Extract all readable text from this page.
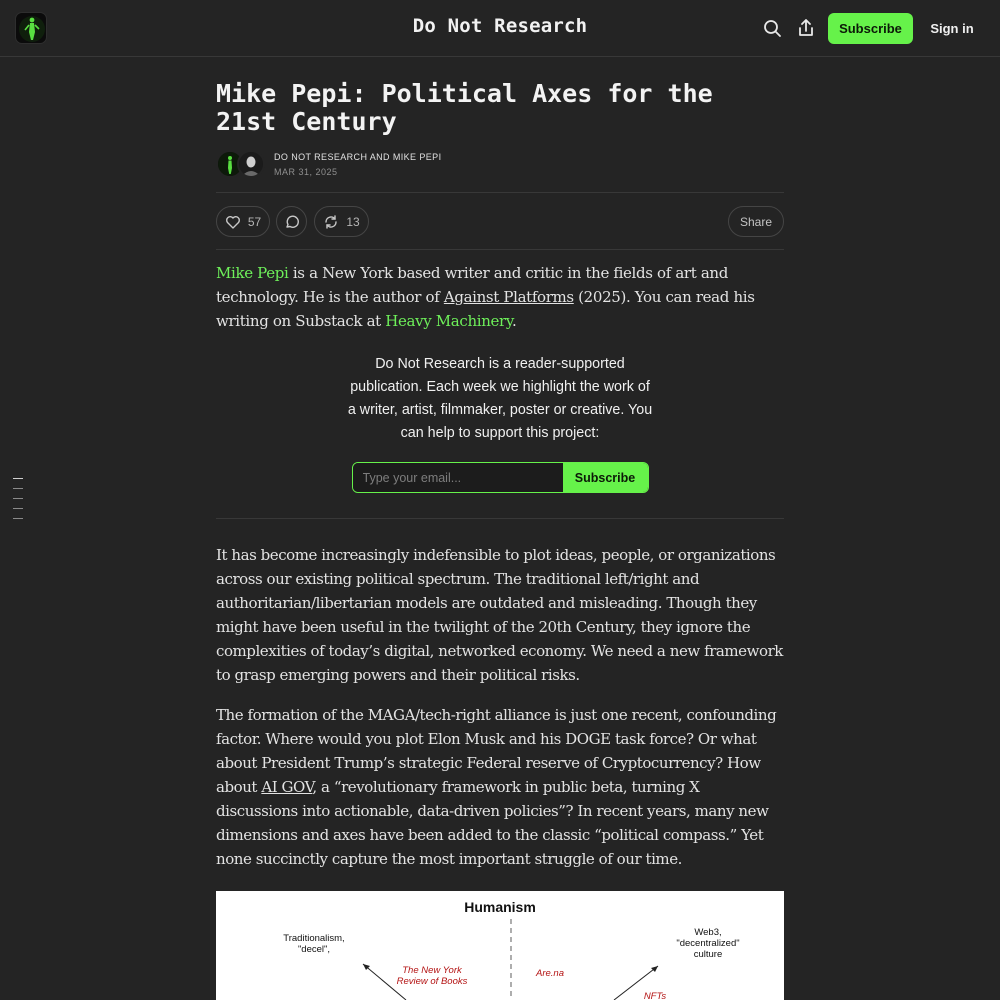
Do Not Research	Subscribe	Sign in
Mike Pepi: Political Axes for the 21st Century
DO NOT RESEARCH AND MIKE PEPI
MAR 31, 2025
57	13	Share

Mike Pepi is a New York based writer and critic in the fields of art and technology. He is the author of Against Platforms (2025). You can read his writing on Substack at Heavy Machinery.

Do Not Research is a reader-supported publication. Each week we highlight the work of a writer, artist, filmmaker, poster or creative. You can help to support this project:
Type your email...
Subscribe

It has become increasingly indefensible to plot ideas, people, or organizations across our existing political spectrum. The traditional left/right and authoritarian/libertarian models are outdated and misleading. Though they might have been useful in the twilight of the 20th Century, they ignore the complexities of today’s digital, networked economy. We need a new framework to grasp emerging powers and their political risks.

The formation of the MAGA/tech-right alliance is just one recent, confounding factor. Where would you plot Elon Musk and his DOGE task force? Or what about President Trump’s strategic Federal reserve of Cryptocurrency? How about AI GOV, a “revolutionary framework in public beta, turning X discussions into actionable, data-driven policies”? In recent years, many new dimensions and axes have been added to the classic “political compass.” Yet none succinctly capture the most important struggle of our time.

Humanism
Traditionalism,
"decel",
Web3,
"decentralized"
culture
The New York
Review of Books
Are.na
NFTs
